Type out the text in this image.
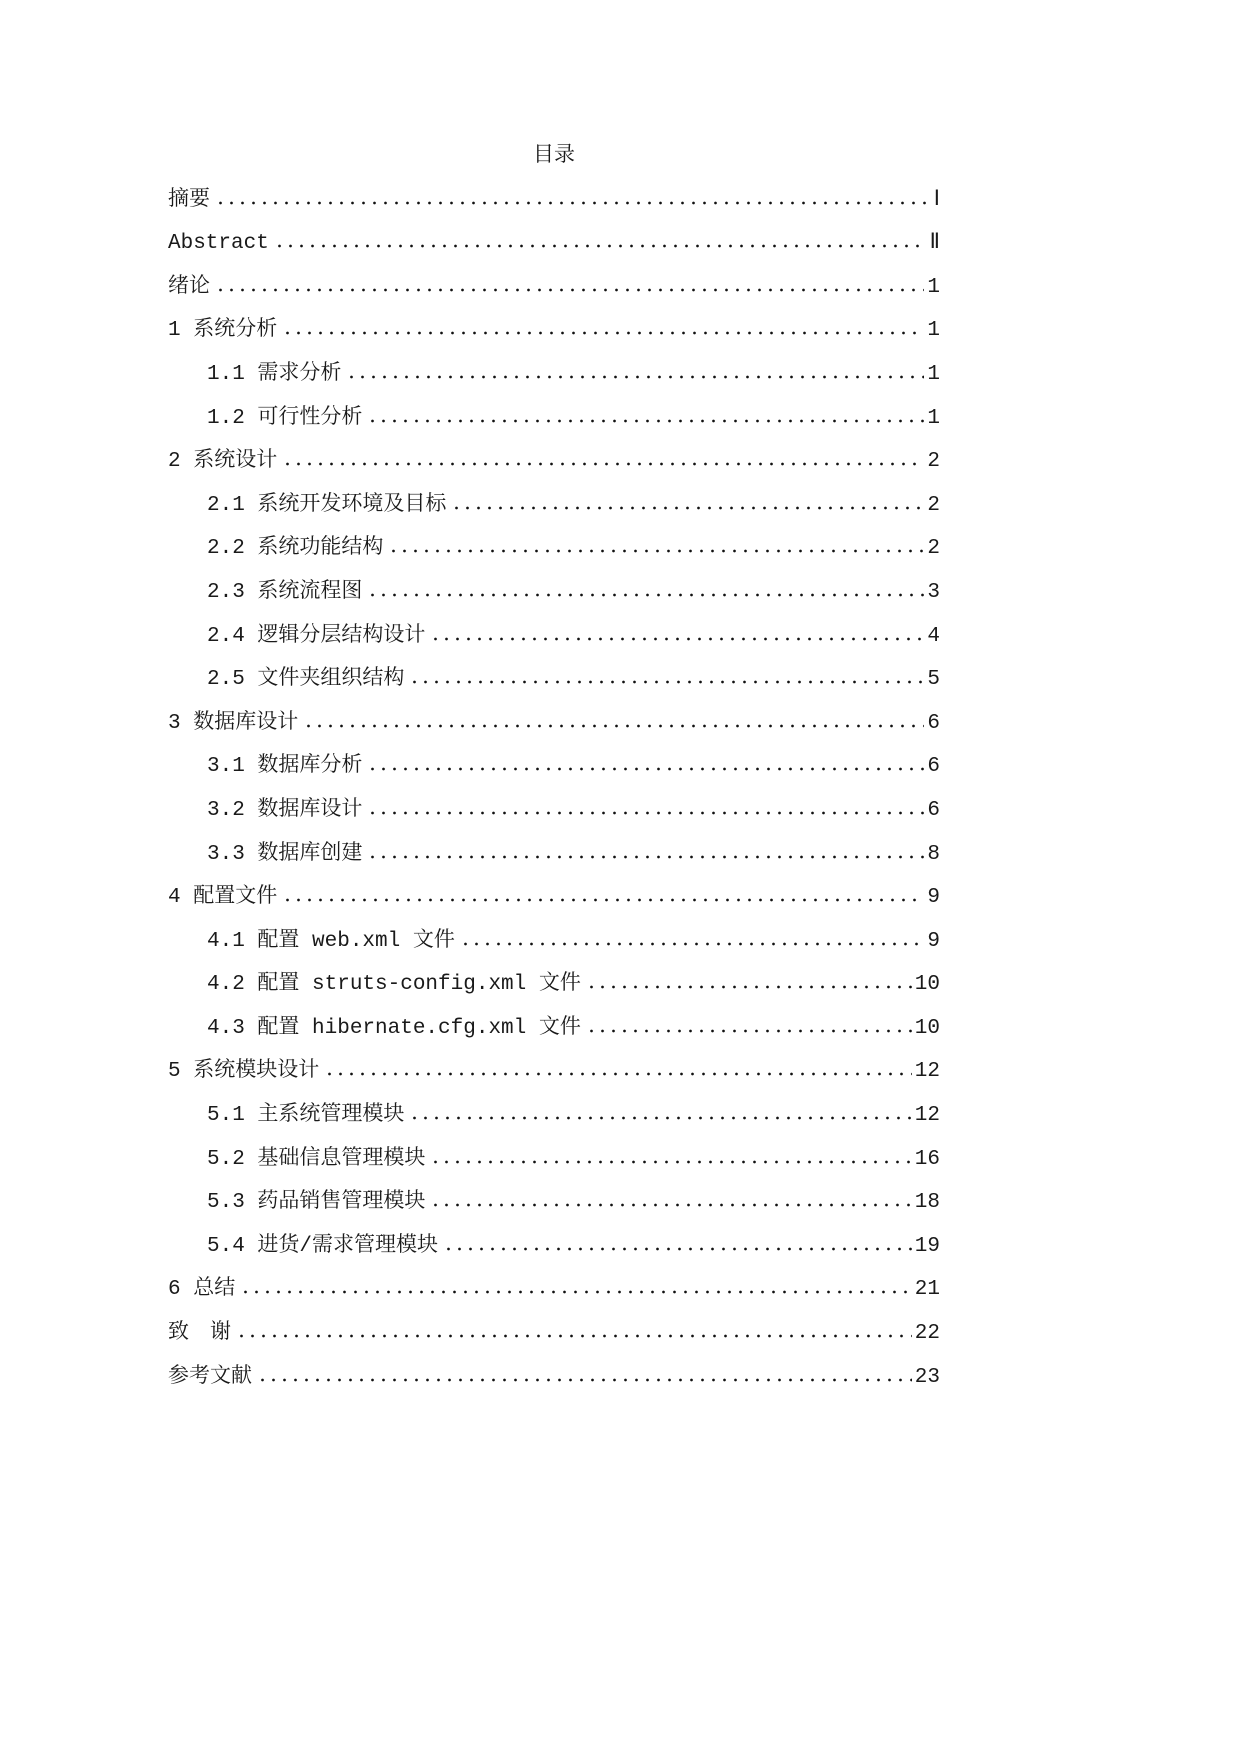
目录
摘要	Ⅰ
Abstract	Ⅱ
绪论	1
1 系统分析	1
1.1 需求分析	1
1.2 可行性分析	1
2 系统设计	2
2.1 系统开发环境及目标	2
2.2 系统功能结构	2
2.3 系统流程图	3
2.4 逻辑分层结构设计	4
2.5 文件夹组织结构	5
3 数据库设计	6
3.1 数据库分析	6
3.2 数据库设计	6
3.3 数据库创建	8
4 配置文件	9
4.1 配置 web.xml 文件	9
4.2 配置 struts-config.xml 文件	10
4.3 配置 hibernate.cfg.xml 文件	10
5 系统模块设计	12
5.1 主系统管理模块	12
5.2 基础信息管理模块	16
5.3 药品销售管理模块	18
5.4 进货/需求管理模块	19
6 总结	21
致　谢	22
参考文献	23
